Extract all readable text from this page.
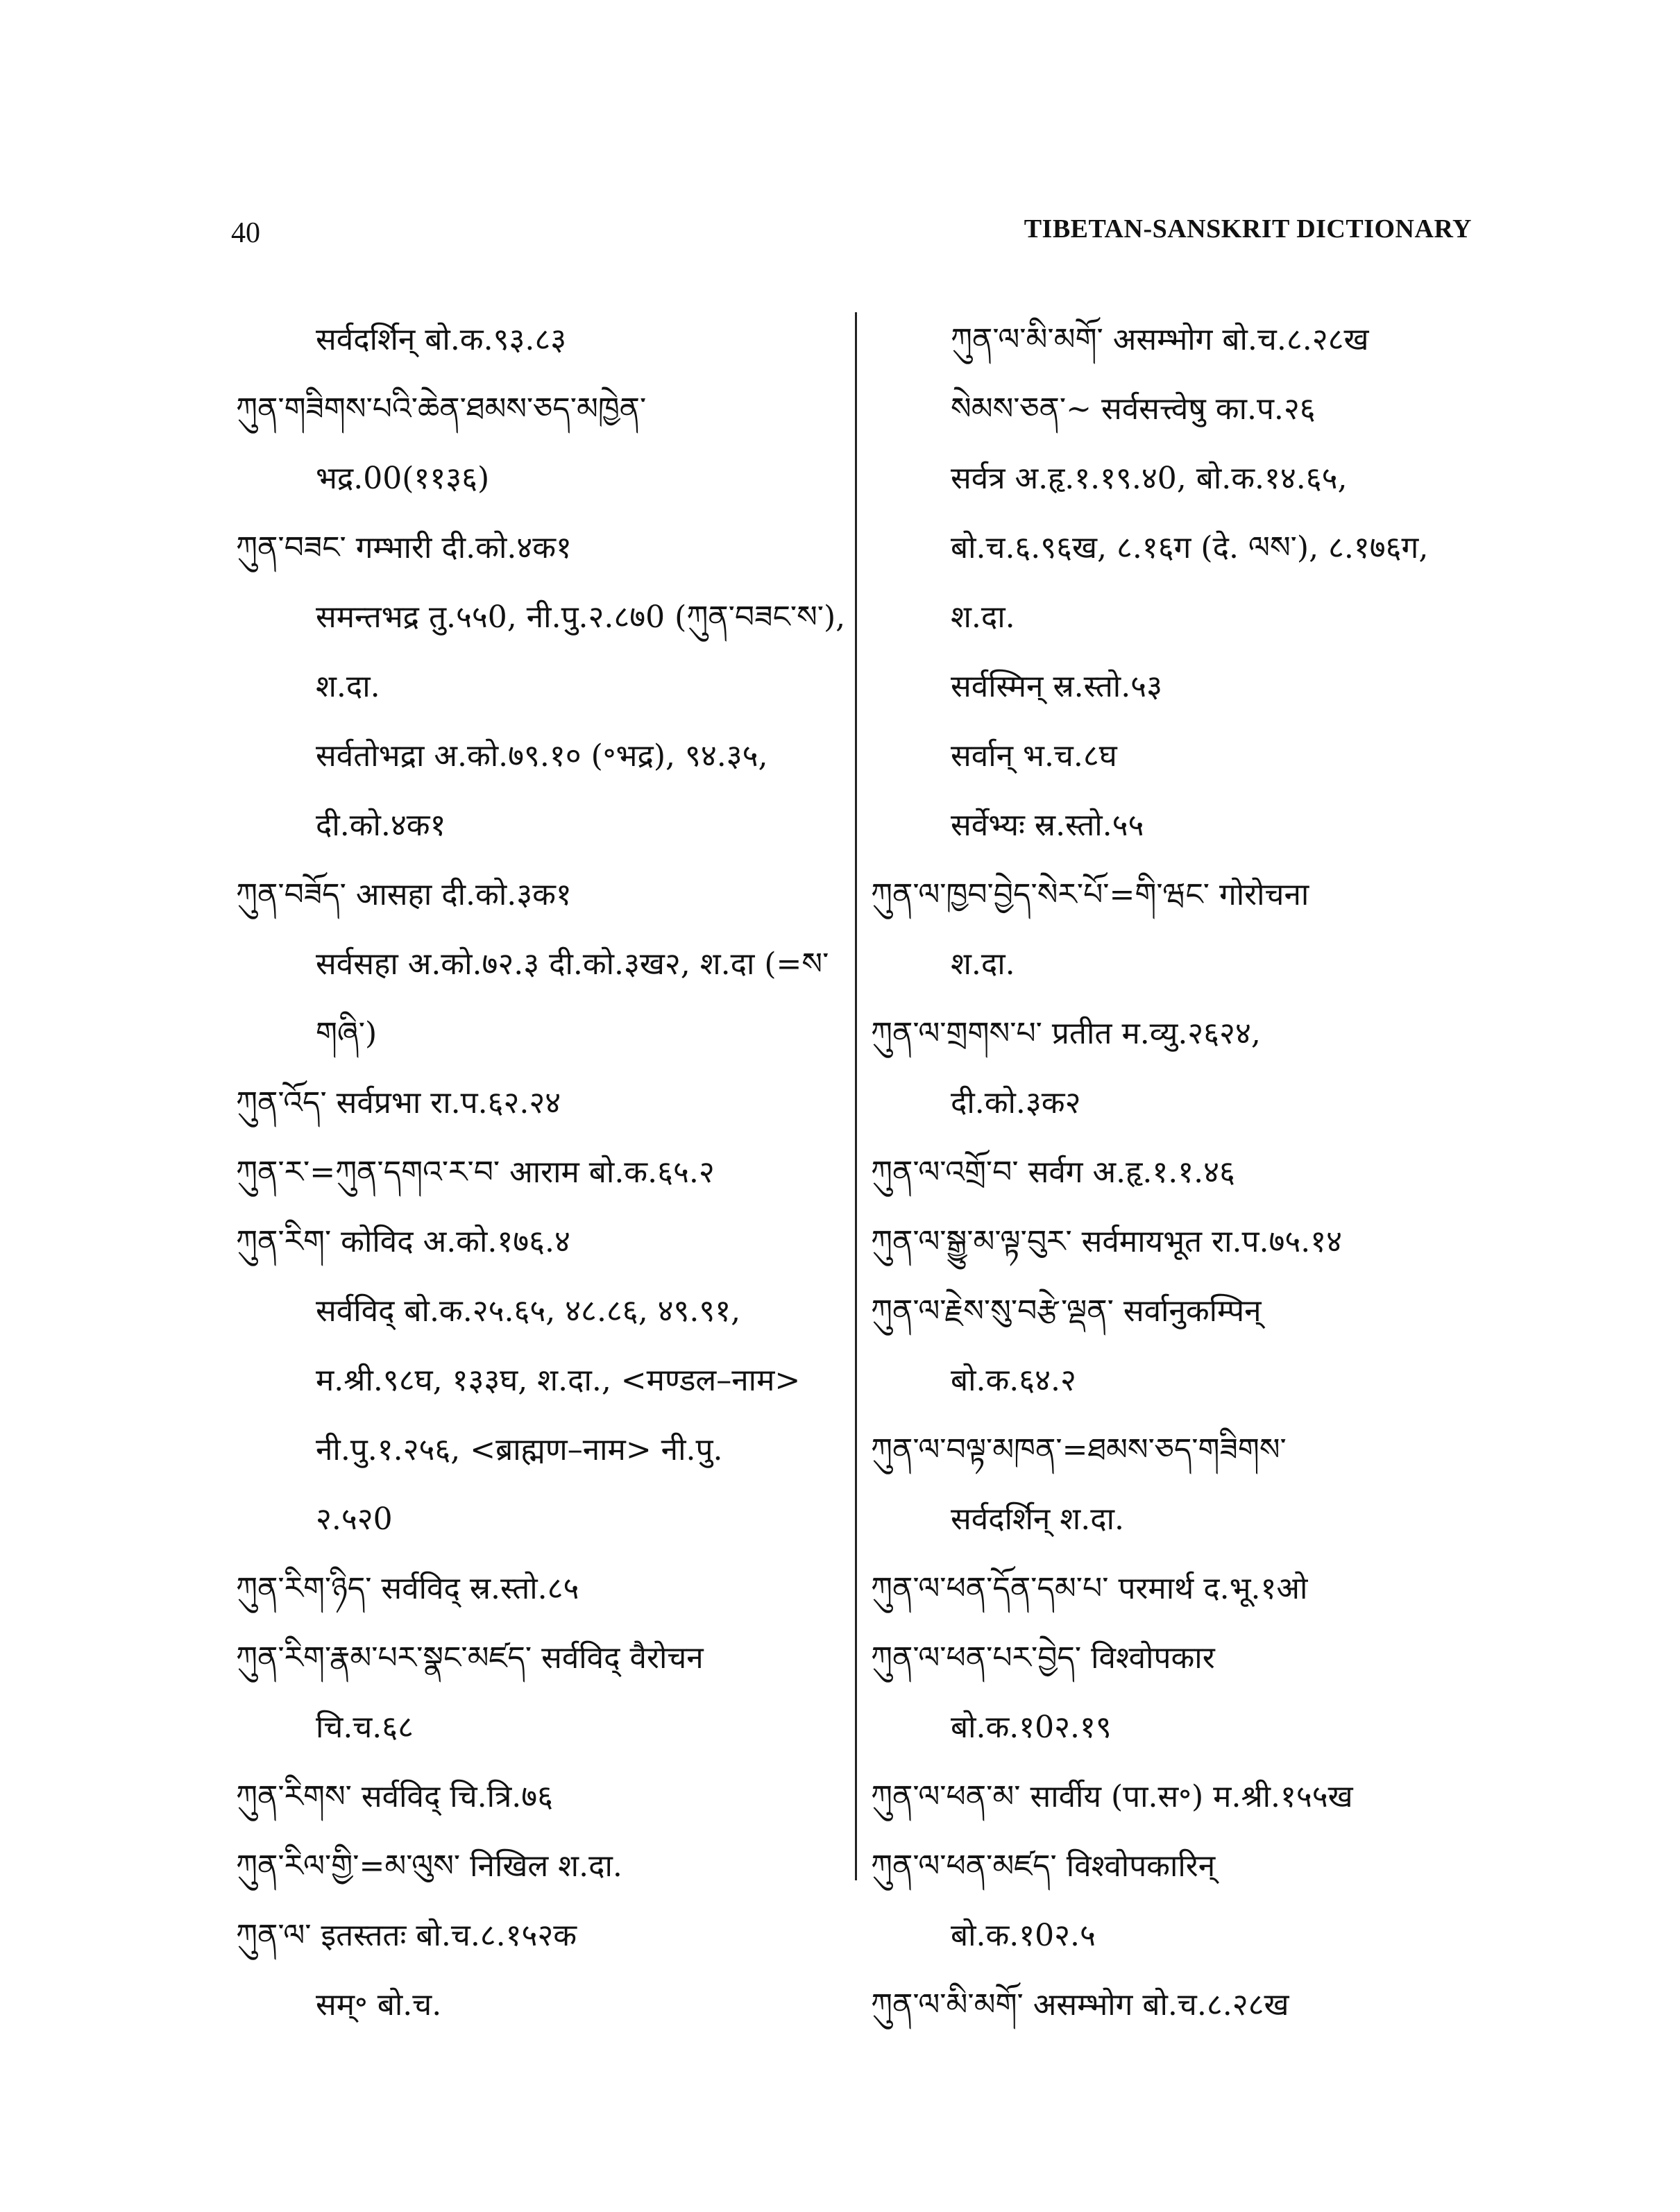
40	TIBETAN-SANSKRIT DICTIONARY
सर्वदर्शिन् बो.क.९३.८३
ཀུན་གཟིགས་པའི་ཆེན་ཐམས་ཅད་མཁྱེན་
भद्र.00(११३६)
ཀུན་བཟང་ गम्भारी दी.को.४क१
समन्तभद्र तु.५५0, नी.पु.२.८७0 (ཀུན་བཟང་ས་),
श.दा.
सर्वतोभद्रा अ.को.७९.१० (॰भद्र), ९४.३५,
दी.को.४क१
ཀུན་བཟོད་ आसहा दी.को.३क१
सर्वसहा अ.को.७२.३ दी.को.३ख२, श.दा (=ས་
གཞི་)
ཀུན་འོད་ सर्वप्रभा रा.प.६२.२४
ཀུན་ར་=ཀུན་དགའ་ར་བ་ आराम बो.क.६५.२
ཀུན་རིག་ कोविद अ.को.१७६.४
सर्वविद् बो.क.२५.६५, ४८.८६, ४९.९१,
म.श्री.९८घ, १३३घ, श.दा., <मण्डल–नाम>
नी.पु.१.२५६, <ब्राह्मण–नाम> नी.पु.
२.५२0
ཀུན་རིག་ཉིད་ सर्वविद् स्र.स्तो.८५
ཀུན་རིག་རྣམ་པར་སྣང་མཛད་ सर्वविद् वैरोचन
चि.च.६८
ཀུན་རིགས་ सर्वविद् चि.त्रि.७६
ཀུན་རིལ་གྱི་=མ་ལུས་ निखिल श.दा.
ཀུན་ལ་ इतस्ततः बो.च.८.१५२क
सम्॰ बो.च.
ཀུན་ལ་མི་མགོ་ असम्भोग बो.च.८.२८ख
སེམས་ཅན་~ सर्वसत्त्वेषु का.प.२६
सर्वत्र अ.हृ.१.१९.४0, बो.क.१४.६५,
बो.च.६.९६ख, ८.१६ग (दे. ལས་), ८.१७६ग,
श.दा.
सर्वस्मिन् स्र.स्तो.५३
सर्वान् भ.च.८घ
सर्वेभ्यः स्र.स्तो.५५
ཀུན་ལ་ཁྱབ་བྱེད་སེར་པོ་=གི་ཝང་ गोरोचना
श.दा.
ཀུན་ལ་གྲགས་པ་ प्रतीत म.व्यु.२६२४,
दी.को.३क२
ཀུན་ལ་འགྲོ་བ་ सर्वग अ.हृ.१.१.४६
ཀུན་ལ་སྒྱུ་མ་ལྟ་བུར་ सर्वमायभूत रा.प.७५.१४
ཀུན་ལ་རྗེས་སུ་བརྩེ་ལྡན་ सर्वानुकम्पिन्
बो.क.६४.२
ཀུན་ལ་བལྟ་མཁན་=ཐམས་ཅད་གཟིགས་
सर्वदर्शिन् श.दा.
ཀུན་ལ་ཕན་དོན་དམ་པ་ परमार्थ द.भू.१ओ
ཀུན་ལ་ཕན་པར་བྱེད་ विश्वोपकार
बो.क.१0२.१९
ཀུན་ལ་ཕན་མ་ सार्वीय (पा.स॰) म.श्री.१५५ख
ཀུན་ལ་ཕན་མཛད་ विश्वोपकारिन्
बो.क.१0२.५
ཀུན་ལ་མི་མགོ་ असम्भोग बो.च.८.२८ख
